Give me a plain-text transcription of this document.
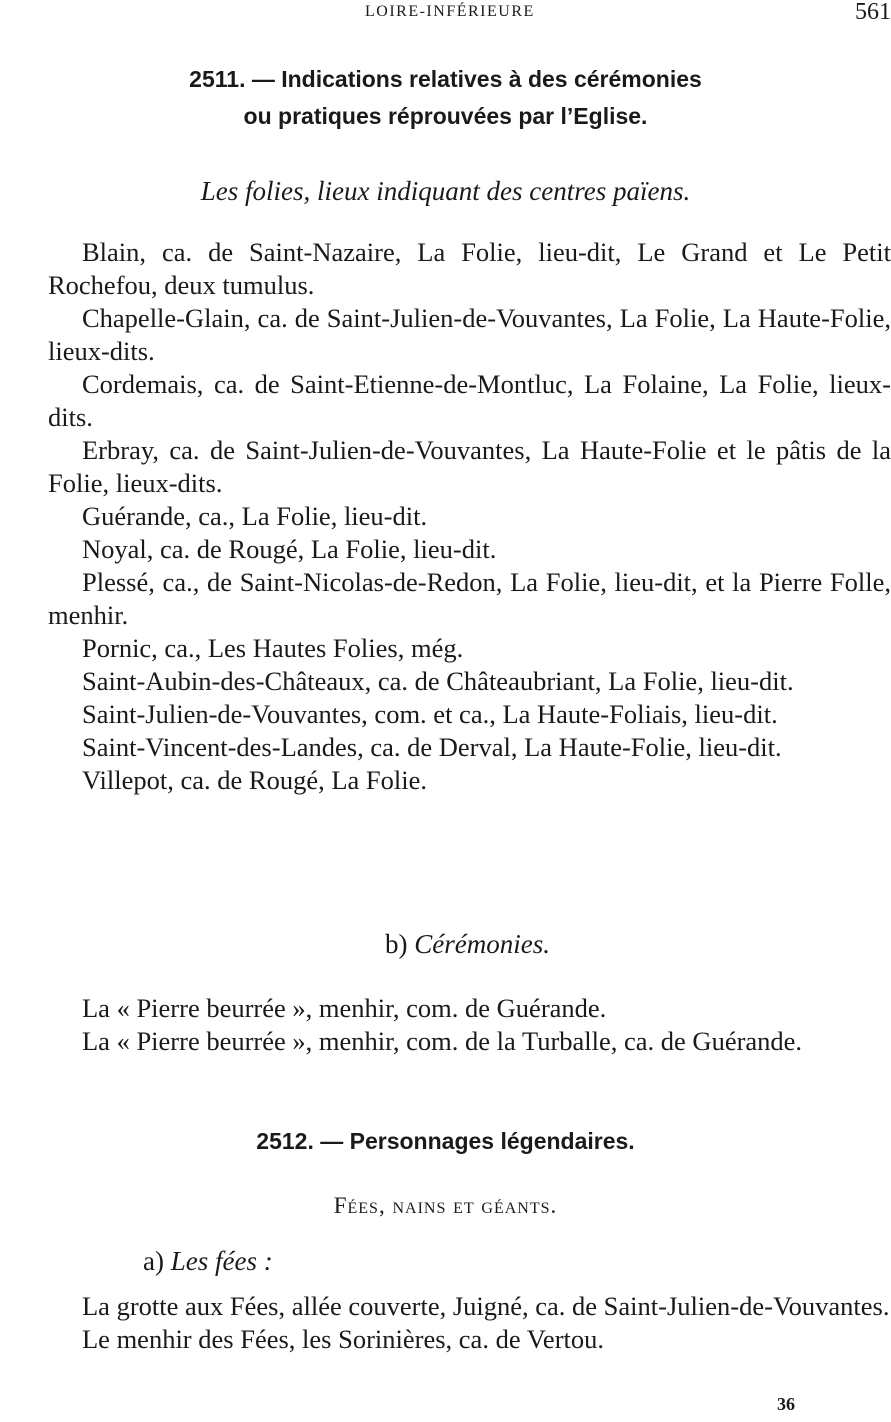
LOIRE-INFÉRIEURE	561
2511. — Indications relatives à des cérémonies
ou pratiques réprouvées par l’Eglise.
Les folies, lieux indiquant des centres païens.

Blain, ca. de Saint-Nazaire, La Folie, lieu-dit, Le Grand et Le Petit Rochefou, deux tumulus.

Chapelle-Glain, ca. de Saint-Julien-de-Vouvantes, La Folie, La Haute-Folie, lieux-dits.

Cordemais, ca. de Saint-Etienne-de-Montluc, La Folaine, La Folie, lieux-dits.

Erbray, ca. de Saint-Julien-de-Vouvantes, La Haute-Folie et le pâtis de la Folie, lieux-dits.

Guérande, ca., La Folie, lieu-dit.

Noyal, ca. de Rougé, La Folie, lieu-dit.

Plessé, ca., de Saint-Nicolas-de-Redon, La Folie, lieu-dit, et la Pierre Folle, menhir.

Pornic, ca., Les Hautes Folies, még.

Saint-Aubin-des-Châteaux, ca. de Châteaubriant, La Folie, lieu-dit.

Saint-Julien-de-Vouvantes, com. et ca., La Haute-Foliais, lieu-dit.

Saint-Vincent-des-Landes, ca. de Derval, La Haute-Folie, lieu-dit.

Villepot, ca. de Rougé, La Folie.

b) Cérémonies.

La « Pierre beurrée », menhir, com. de Guérande.

La « Pierre beurrée », menhir, com. de la Turballe, ca. de Guérande.

2512. — Personnages légendaires.
Fées, nains et géants.
a) Les fées :

La grotte aux Fées, allée couverte, Juigné, ca. de Saint-Julien-de-Vouvantes.

Le menhir des Fées, les Sorinières, ca. de Vertou.

36
